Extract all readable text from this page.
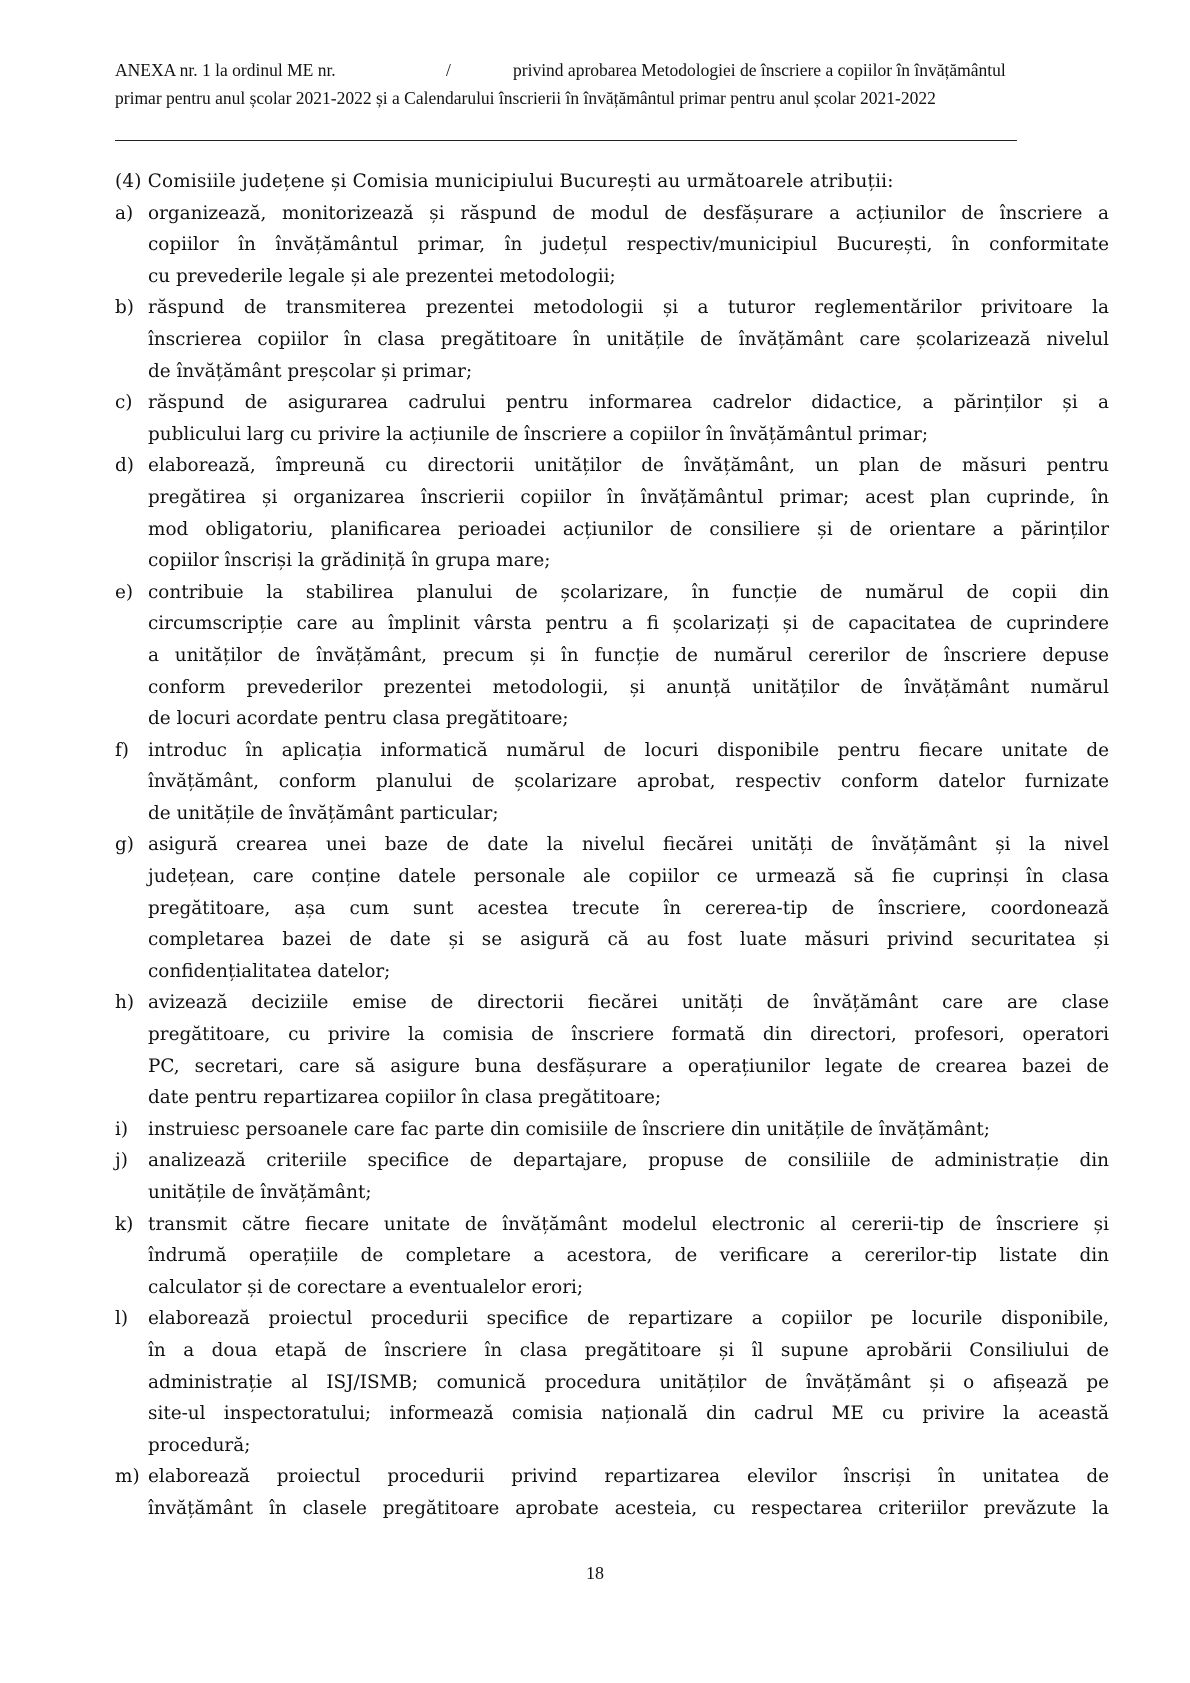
ANEXA nr. 1 la ordinul ME nr.	/	privind aprobarea Metodologiei de înscriere a copiilor în învățământul
primar pentru anul școlar 2021-2022 și a Calendarului înscrierii în învățământul primar pentru anul școlar 2021-2022

(4) Comisiile județene și Comisia municipiului București au următoarele atribuții:

a) organizează, monitorizează și răspund de modul de desfășurare a acțiunilor de înscriere a
copiilor în învățământul primar, în județul respectiv/municipiul București, în conformitate
cu prevederile legale și ale prezentei metodologii;
b) răspund de transmiterea prezentei metodologii și a tuturor reglementărilor privitoare la
înscrierea copiilor în clasa pregătitoare în unitățile de învățământ care școlarizează nivelul
de învățământ preșcolar și primar;
c) răspund de asigurarea cadrului pentru informarea cadrelor didactice, a părinților și a
publicului larg cu privire la acțiunile de înscriere a copiilor în învățământul primar;
d) elaborează, împreună cu directorii unităților de învățământ, un plan de măsuri pentru
pregătirea și organizarea înscrierii copiilor în învățământul primar; acest plan cuprinde, în
mod obligatoriu, planificarea perioadei acțiunilor de consiliere și de orientare a părinților
copiilor înscriși la grădiniță în grupa mare;
e) contribuie la stabilirea planului de școlarizare, în funcție de numărul de copii din
circumscripție care au împlinit vârsta pentru a fi școlarizați și de capacitatea de cuprindere
a unităților de învățământ, precum și în funcție de numărul cererilor de înscriere depuse
conform prevederilor prezentei metodologii, și anunță unităților de învățământ numărul
de locuri acordate pentru clasa pregătitoare;
f) introduc în aplicația informatică numărul de locuri disponibile pentru fiecare unitate de
învățământ, conform planului de școlarizare aprobat, respectiv conform datelor furnizate
de unitățile de învățământ particular;
g) asigură crearea unei baze de date la nivelul fiecărei unități de învățământ și la nivel
județean, care conține datele personale ale copiilor ce urmează să fie cuprinși în clasa
pregătitoare, așa cum sunt acestea trecute în cererea-tip de înscriere, coordonează
completarea bazei de date și se asigură că au fost luate măsuri privind securitatea și
confidențialitatea datelor;
h) avizează deciziile emise de directorii fiecărei unități de învățământ care are clase
pregătitoare, cu privire la comisia de înscriere formată din directori, profesori, operatori
PC, secretari, care să asigure buna desfășurare a operațiunilor legate de crearea bazei de
date pentru repartizarea copiilor în clasa pregătitoare;
i) instruiesc persoanele care fac parte din comisiile de înscriere din unitățile de învățământ;
j) analizează criteriile specifice de departajare, propuse de consiliile de administrație din
unitățile de învățământ;
k) transmit către fiecare unitate de învățământ modelul electronic al cererii-tip de înscriere și
îndrumă operațiile de completare a acestora, de verificare a cererilor-tip listate din
calculator și de corectare a eventualelor erori;
l) elaborează proiectul procedurii specifice de repartizare a copiilor pe locurile disponibile,
în a doua etapă de înscriere în clasa pregătitoare și îl supune aprobării Consiliului de
administrație al ISJ/ISMB; comunică procedura unităților de învățământ și o afișează pe
site-ul inspectoratului; informează comisia națională din cadrul ME cu privire la această
procedură;
m) elaborează proiectul procedurii privind repartizarea elevilor înscriși în unitatea de
învățământ în clasele pregătitoare aprobate acesteia, cu respectarea criteriilor prevăzute la
18
